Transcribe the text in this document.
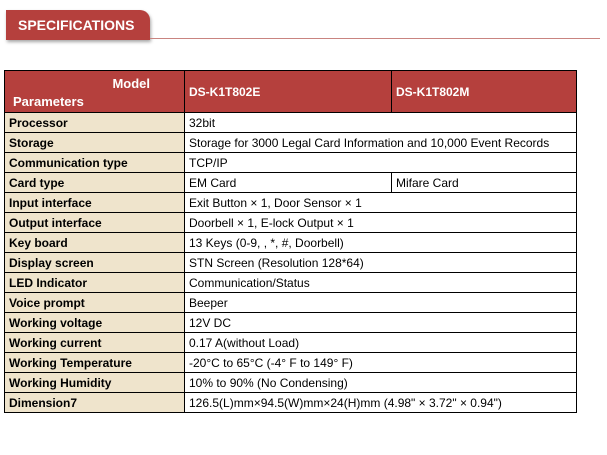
SPECIFICATIONS
Model
Parameters	DS-K1T802E	DS-K1T802M
Processor	32bit	
Storage	Storage for 3000 Legal Card Information and 10,000 Event Records	
Communication type	TCP/IP	
Card type	EM Card	Mifare Card
Input interface	Exit Button × 1, Door Sensor × 1	
Output interface	Doorbell × 1, E-lock Output × 1	
Key board	13 Keys (0-9, , *, #, Doorbell)	
Display screen	STN Screen (Resolution 128*64)	
LED Indicator	Communication/Status	
Voice prompt	Beeper	
Working voltage	12V DC	
Working current	0.17 A(without Load)	
Working Temperature	-20°C to 65°C (-4° F to 149° F)	
Working Humidity	10% to 90% (No Condensing)	
Dimension7	126.5(L)mm×94.5(W)mm×24(H)mm (4.98" × 3.72" × 0.94")	
